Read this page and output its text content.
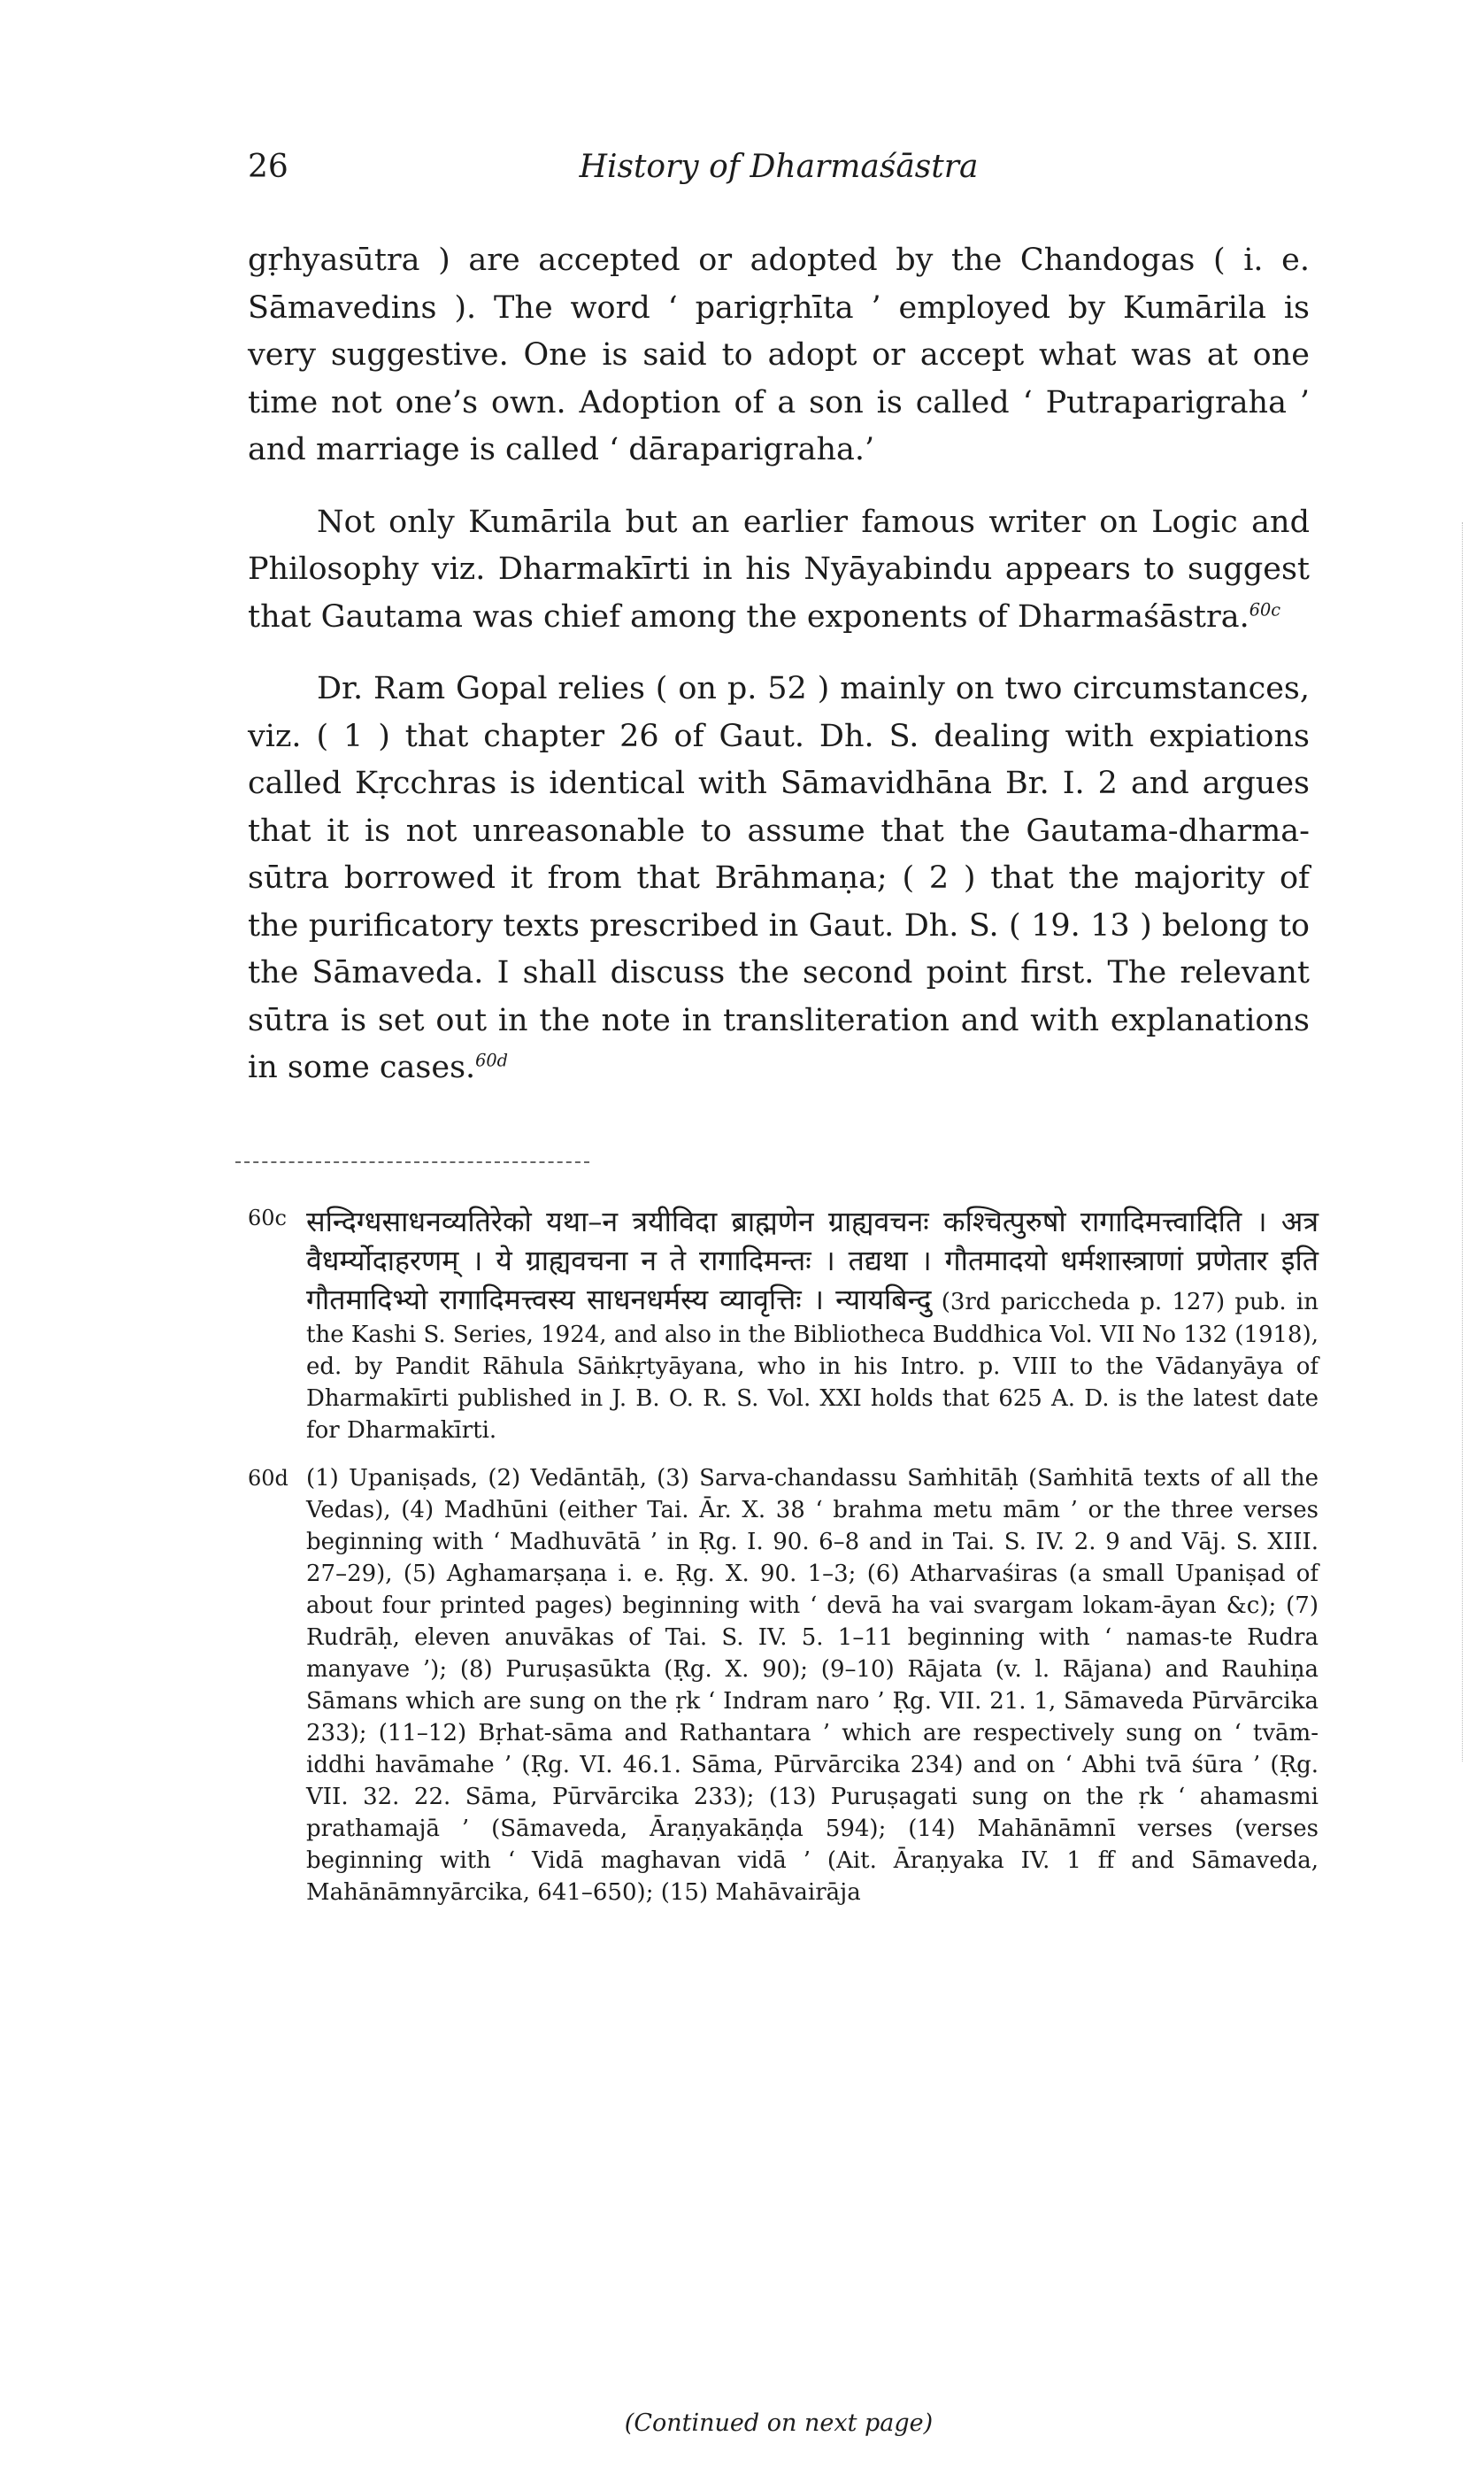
26	History of Dharmaśāstra

gṛhyasūtra ) are accepted or adopted by the Chandogas ( i. e. Sāmavedins ). The word ‘ parigṛhīta ’ employed by Kumārila is very suggestive. One is said to adopt or accept what was at one time not one’s own. Adoption of a son is called ‘ Putraparigraha ’ and marriage is called ‘ dāraparigraha.’

Not only Kumārila but an earlier famous writer on Logic and Philosophy viz. Dharmakīrti in his Nyāyabindu appears to suggest that Gautama was chief among the exponents of Dharmaśāstra.$^{60c}$

Dr. Ram Gopal relies ( on p. 52 ) mainly on two circumstances, viz. ( 1 ) that chapter 26 of Gaut. Dh. S. dealing with expiations called Kṛcchras is identical with Sāmavidhāna Br. I. 2 and argues that it is not unreasonable to assume that the Gautama-dharma-sūtra borrowed it from that Brāhmaṇa; ( 2 ) that the majority of the purificatory texts prescribed in Gaut. Dh. S. ( 19. 13 ) belong to the Sāmaveda. I shall discuss the second point first. The relevant sūtra is set out in the note in transliteration and with explanations in some cases.$^{60d}$

60c सन्दिग्धसाधनव्यतिरेको यथा–न त्रयीविदा ब्राह्मणेन ग्राह्यवचनः कश्चित्पुरुषो रागादिमत्त्वादिति । अत्र वैधर्म्योदाहरणम् । ये ग्राह्यवचना न ते रागादिमन्तः । तद्यथा । गौतमादयो धर्मशास्त्राणां प्रणेतार इति गौतमादिभ्यो रागादिमत्त्वस्य साधनधर्मस्य व्यावृत्तिः । न्यायबिन्दु (3rd pariccheda p. 127) pub. in the Kashi S. Series, 1924, and also in the Bibliotheca Buddhica Vol. VII No 132 (1918), ed. by Pandit Rāhula Sāṅkṛtyāyana, who in his Intro. p. VIII to the Vādanyāya of Dharmakīrti published in J. B. O. R. S. Vol. XXI holds that 625 A. D. is the latest date for Dharmakīrti.
60d (1) Upaniṣads, (2) Vedāntāḥ, (3) Sarva-chandassu Saṁhitāḥ (Saṁhitā texts of all the Vedas), (4) Madhūni (either Tai. Ār. X. 38 ‘ brahma metu mām ’ or the three verses beginning with ‘ Madhuvātā ’ in Ṛg. I. 90. 6–8 and in Tai. S. IV. 2. 9 and Vāj. S. XIII. 27–29), (5) Aghamarṣaṇa i. e. Ṛg. X. 90. 1–3; (6) Atharvaśiras (a small Upaniṣad of about four printed pages) beginning with ‘ devā ha vai svargam lokam-āyan &c); (7) Rudrāḥ, eleven anuvākas of Tai. S. IV. 5. 1–11 beginning with ‘ namas-te Rudra manyave ’); (8) Puruṣasūkta (Ṛg. X. 90); (9–10) Rājata (v. l. Rājana) and Rauhiṇa Sāmans which are sung on the ṛk ‘ Indram naro ’ Ṛg. VII. 21. 1, Sāmaveda Pūrvārcika 233); (11–12) Bṛhat-sāma and Rathantara ’ which are respectively sung on ‘ tvām-iddhi havāmahe ’ (Ṛg. VI. 46.1. Sāma, Pūrvārcika 234) and on ‘ Abhi tvā śūra ’ (Ṛg. VII. 32. 22. Sāma, Pūrvārcika 233); (13) Puruṣagati sung on the ṛk ‘ ahamasmi prathamajā ’ (Sāmaveda, Āraṇyakāṇḍa 594); (14) Mahānāmnī verses (verses beginning with ‘ Vidā maghavan vidā ’ (Ait. Āraṇyaka IV. 1 ff and Sāmaveda, Mahānāmnyārcika, 641–650); (15) Mahāvairāja
(Continued on next page)
